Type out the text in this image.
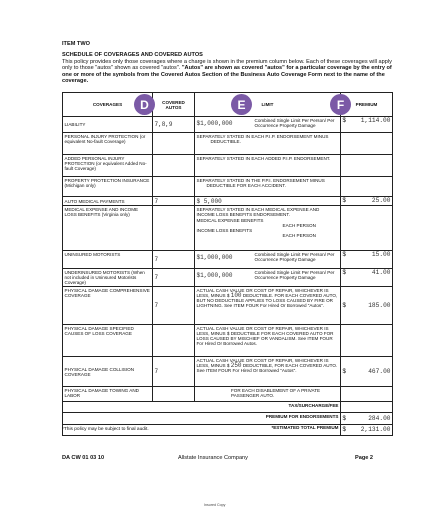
ITEM TWO
SCHEDULE OF COVERAGES AND COVERED AUTOS
This policy provides only those coverages where a charge is shown in the premium column below. Each of these coverages will apply only to those "autos" shown as covered "autos". "Autos" are shown as covered "autos" for a particular coverage by the entry of one or more of the symbols from the Covered Autos Section of the Business Auto Coverage Form next to the name of the coverage.
COVERAGES	COVERED AUTOS	LIMIT	PREMIUM
LIABILITY	7,8,9	$1,000,000 Combined Single Limit Per Person/ Per Occurrence Property Damage	$ 1,114.00

PERSONAL INJURY PROTECTION (or equivalent No-fault Coverage)		SEPARATELY STATED IN EACH P.I.P. ENDORSEMENT MINUS DEDUCTIBLE.	
ADDED PERSONAL INJURY PROTECTION (or equivalent Added No-fault Coverage)		SEPARATELY STATED IN EACH ADDED P.I.P. ENDORSEMENT.	
PROPERTY PROTECTION INSURANCE (Michigan only)		SEPARATELY STATED IN THE P.P.I. ENDORSEMENT MINUS DEDUCTIBLE FOR EACH ACCIDENT.	
AUTO MEDICAL PAYMENTS	7	$ 5,000	$ 25.00

MEDICAL EXPENSE AND INCOME LOSS BENEFITS (Virginia only)		SEPARATELY STATED IN EACH MEDICAL EXPENSE AND INCOME LOSS BENEFITS ENDORSEMENT.
MEDICAL EXPENSE BENEFITS
EACH PERSON
INCOME LOSS BENEFITS
EACH PERSON	

UNINSURED MOTORISTS	7	$1,000,000 Combined Single Limit Per Person/ Per Occurrence Property Damage	$ 15.00

UNDERINSURED MOTORISTS (When not included in Uninsured Motorists Coverage)	7	$1,000,000 Combined Single Limit Per Person/ Per Occurrence Property Damage	$ 41.00

PHYSICAL DAMAGE COMPREHENSIVE COVERAGE	7	ACTUAL CASH VALUE OR COST OF REPAIR, WHICHEVER IS LESS, MINUS $ 100 DEDUCTIBLE. FOR EACH COVERED AUTO, BUT NO DEDUCTIBLE APPLIES TO LOSS CAUSED BY FIRE OR LIGHTNING. See ITEM FOUR For Hired Or Borrowed "Autos".	$ 185.00

PHYSICAL DAMAGE SPECIFIED CAUSES OF LOSS COVERAGE		ACTUAL CASH VALUE OR COST OF REPAIR, WHICHEVER IS LESS, MINUS $ DEDUCTIBLE FOR EACH COVERED AUTO FOR LOSS CAUSED BY MISCHIEF OR VANDALISM. See ITEM FOUR For Hired Or Borrowed Autos.	
PHYSICAL DAMAGE COLLISION COVERAGE	7	ACTUAL CASH VALUE OR COST OF REPAIR, WHICHEVER IS LESS, MINUS $ 250 DEDUCTIBLE, FOR EACH COVERED AUTO. See ITEM FOUR For Hired Or Borrowed "Autos".	$ 467.00

PHYSICAL DAMAGE TOWING AND LABOR		FOR EACH DISABLEMENT OF A PRIVATE PASSENGER AUTO.	
TAX/SURCHARGE/FEE			
PREMIUM FOR ENDORSEMENTS			$ 284.00

*ESTIMATED TOTAL PREMIUM			$ 2,131.00
D	E	F
*This policy may be subject to final audit.
DA CW 01 03 10	Allstate Insurance Company	Page 2
Insured Copy
